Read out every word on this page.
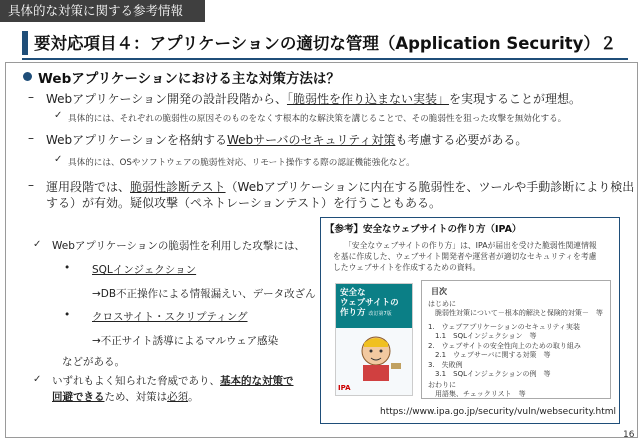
具体的な対策に関する参考情報
要対応項目４：アプリケーションの適切な管理（Application Security）２
Webアプリケーションにおける主な対策方法は？
– Webアプリケーション開発の設計段階から、「脆弱性を作り込まない実装」を実現することが理想。
✓ 具体的には、それぞれの脆弱性の原因そのものをなくす根本的な解決策を講じることで、その脆弱性を狙った攻撃を無効化する。
– Webアプリケーションを格納するWebサーバのセキュリティ対策も考慮する必要がある。
✓ 具体的には、OSやソフトウェアの脆弱性対応、リモート操作する際の認証機能強化など。
– 運用段階では、脆弱性診断テスト（Webアプリケーションに内在する脆弱性を、ツールや手動診断により検出
する）が有効。疑似攻撃（ペネトレーションテスト）を行うこともある。
✓ Webアプリケーションの脆弱性を利用した攻撃には、
• SQLインジェクション
→DB不正操作による情報漏えい、データ改ざん
• クロスサイト・スクリプティング
→不正サイト誘導によるマルウェア感染
などがある。
✓ いずれもよく知られた脅威であり、基本的な対策で
回避できるため、対策は必須。
【参考】安全なウェブサイトの作り方（IPA）
「安全なウェブサイトの作り方」は、IPAが届出を受けた脆弱性関連情報
を基に作成した、ウェブサイト開発者や運営者が適切なセキュリティを考慮
したウェブサイトを作成するための資料。
安全な
ウェブサイトの
作り方 改訂第7版
IPA
目次
はじめに
　脆弱性対策について－根本的解決と保険的対策－　等
1.　ウェブアプリケーションのセキュリティ実装
　1.1　SQLインジェクション　等
2.　ウェブサイトの安全性向上のための取り組み
　2.1　ウェブサーバに関する対策　等
3.　失敗例
　3.1　SQLインジェクションの例　等
おわりに
　用語集、チェックリスト　等
https://www.ipa.go.jp/security/vuln/websecurity.html
16
